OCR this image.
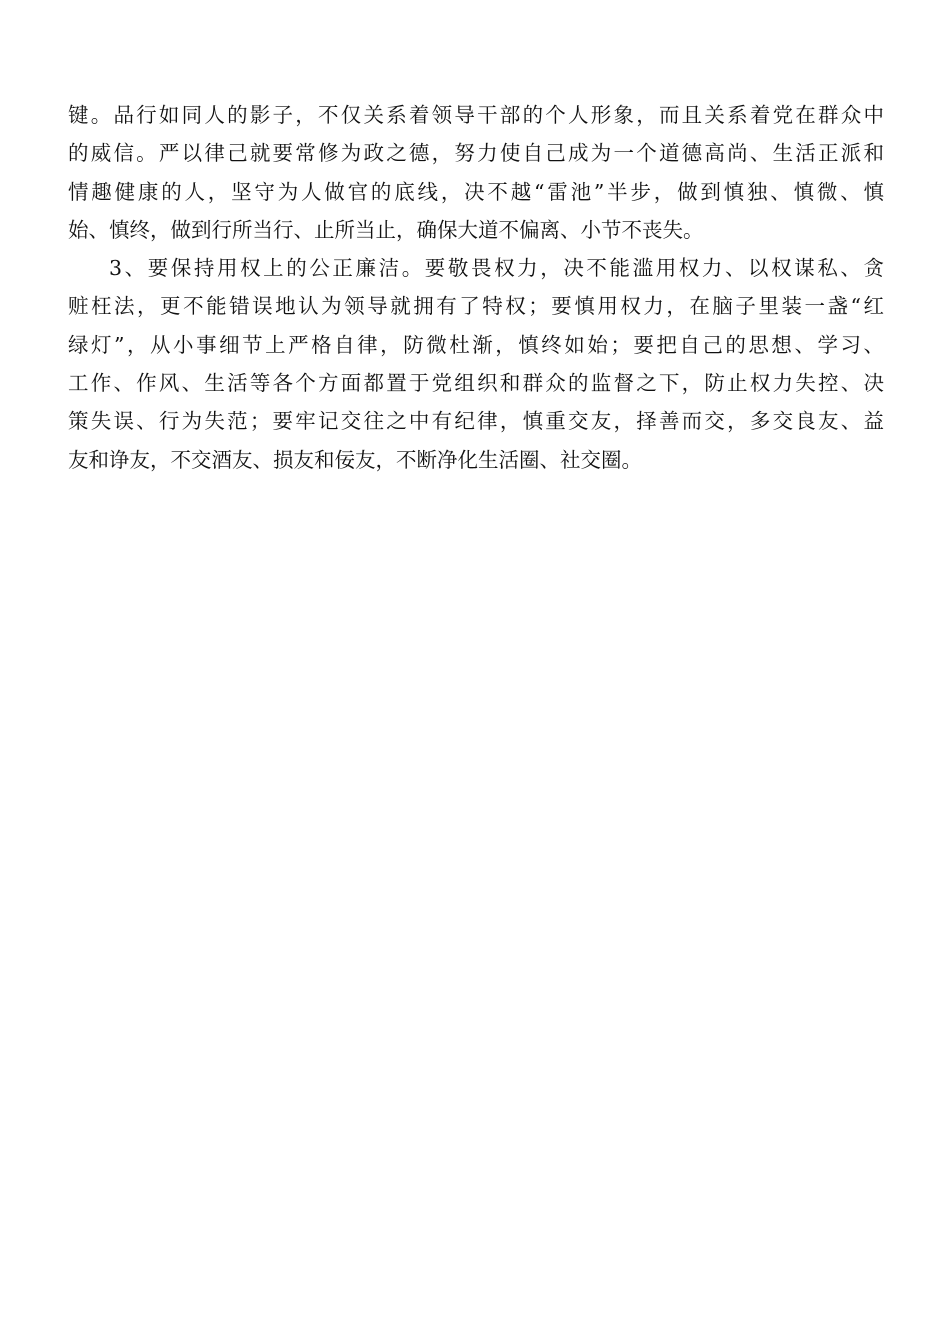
键。品行如同人的影子，不仅关系着领导干部的个人形象，而且关系着党在群众中
的威信。严以律己就要常修为政之德，努力使自己成为一个道德高尚、生活正派和
情趣健康的人，坚守为人做官的底线，决不越“雷池”半步，做到慎独、慎微、慎
始、慎终，做到行所当行、止所当止，确保大道不偏离、小节不丧失。
3、要保持用权上的公正廉洁。要敬畏权力，决不能滥用权力、以权谋私、贪
赃枉法，更不能错误地认为领导就拥有了特权；要慎用权力，在脑子里装一盏“红
绿灯”，从小事细节上严格自律，防微杜渐，慎终如始；要把自己的思想、学习、
工作、作风、生活等各个方面都置于党组织和群众的监督之下，防止权力失控、决
策失误、行为失范；要牢记交往之中有纪律，慎重交友，择善而交，多交良友、益
友和诤友，不交酒友、损友和佞友，不断净化生活圈、社交圈。
